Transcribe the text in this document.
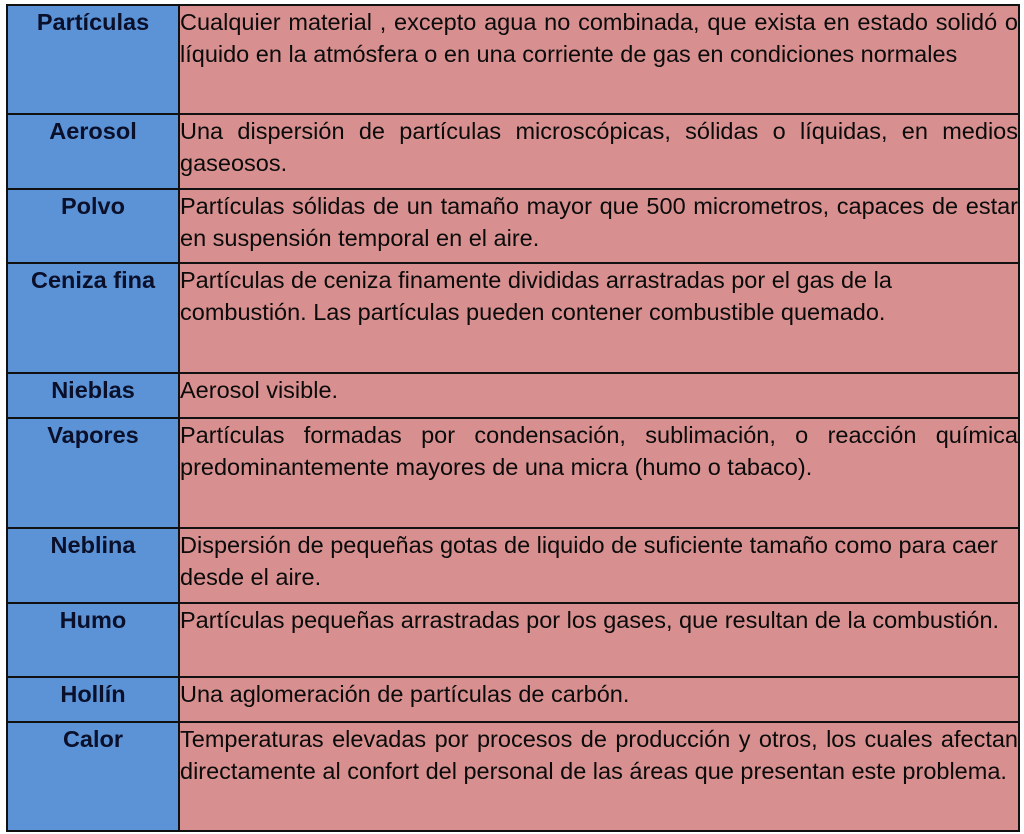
Partículas	Cualquier material , excepto agua no combinada, que exista en estado solidó o líquido en la atmósfera o en una corriente de gas en condiciones normales
Aerosol	Una dispersión de partículas microscópicas, sólidas o líquidas, en medios gaseosos.
Polvo	Partículas sólidas de un tamaño mayor que 500 micrometros, capaces de estar en suspensión temporal en el aire.
Ceniza fina	Partículas de ceniza finamente divididas arrastradas por el gas de la combustión. Las partículas pueden contener combustible quemado.
Nieblas	Aerosol visible.
Vapores	Partículas formadas por condensación, sublimación, o reacción química predominantemente mayores de una micra (humo o tabaco).
Neblina	Dispersión de pequeñas gotas de liquido de suficiente tamaño como para caer desde el aire.
Humo	Partículas pequeñas arrastradas por los gases, que resultan de la combustión.
Hollín	Una aglomeración de partículas de carbón.
Calor	Temperaturas elevadas por procesos de producción y otros, los cuales afectan directamente al confort del personal de las áreas que presentan este problema.
